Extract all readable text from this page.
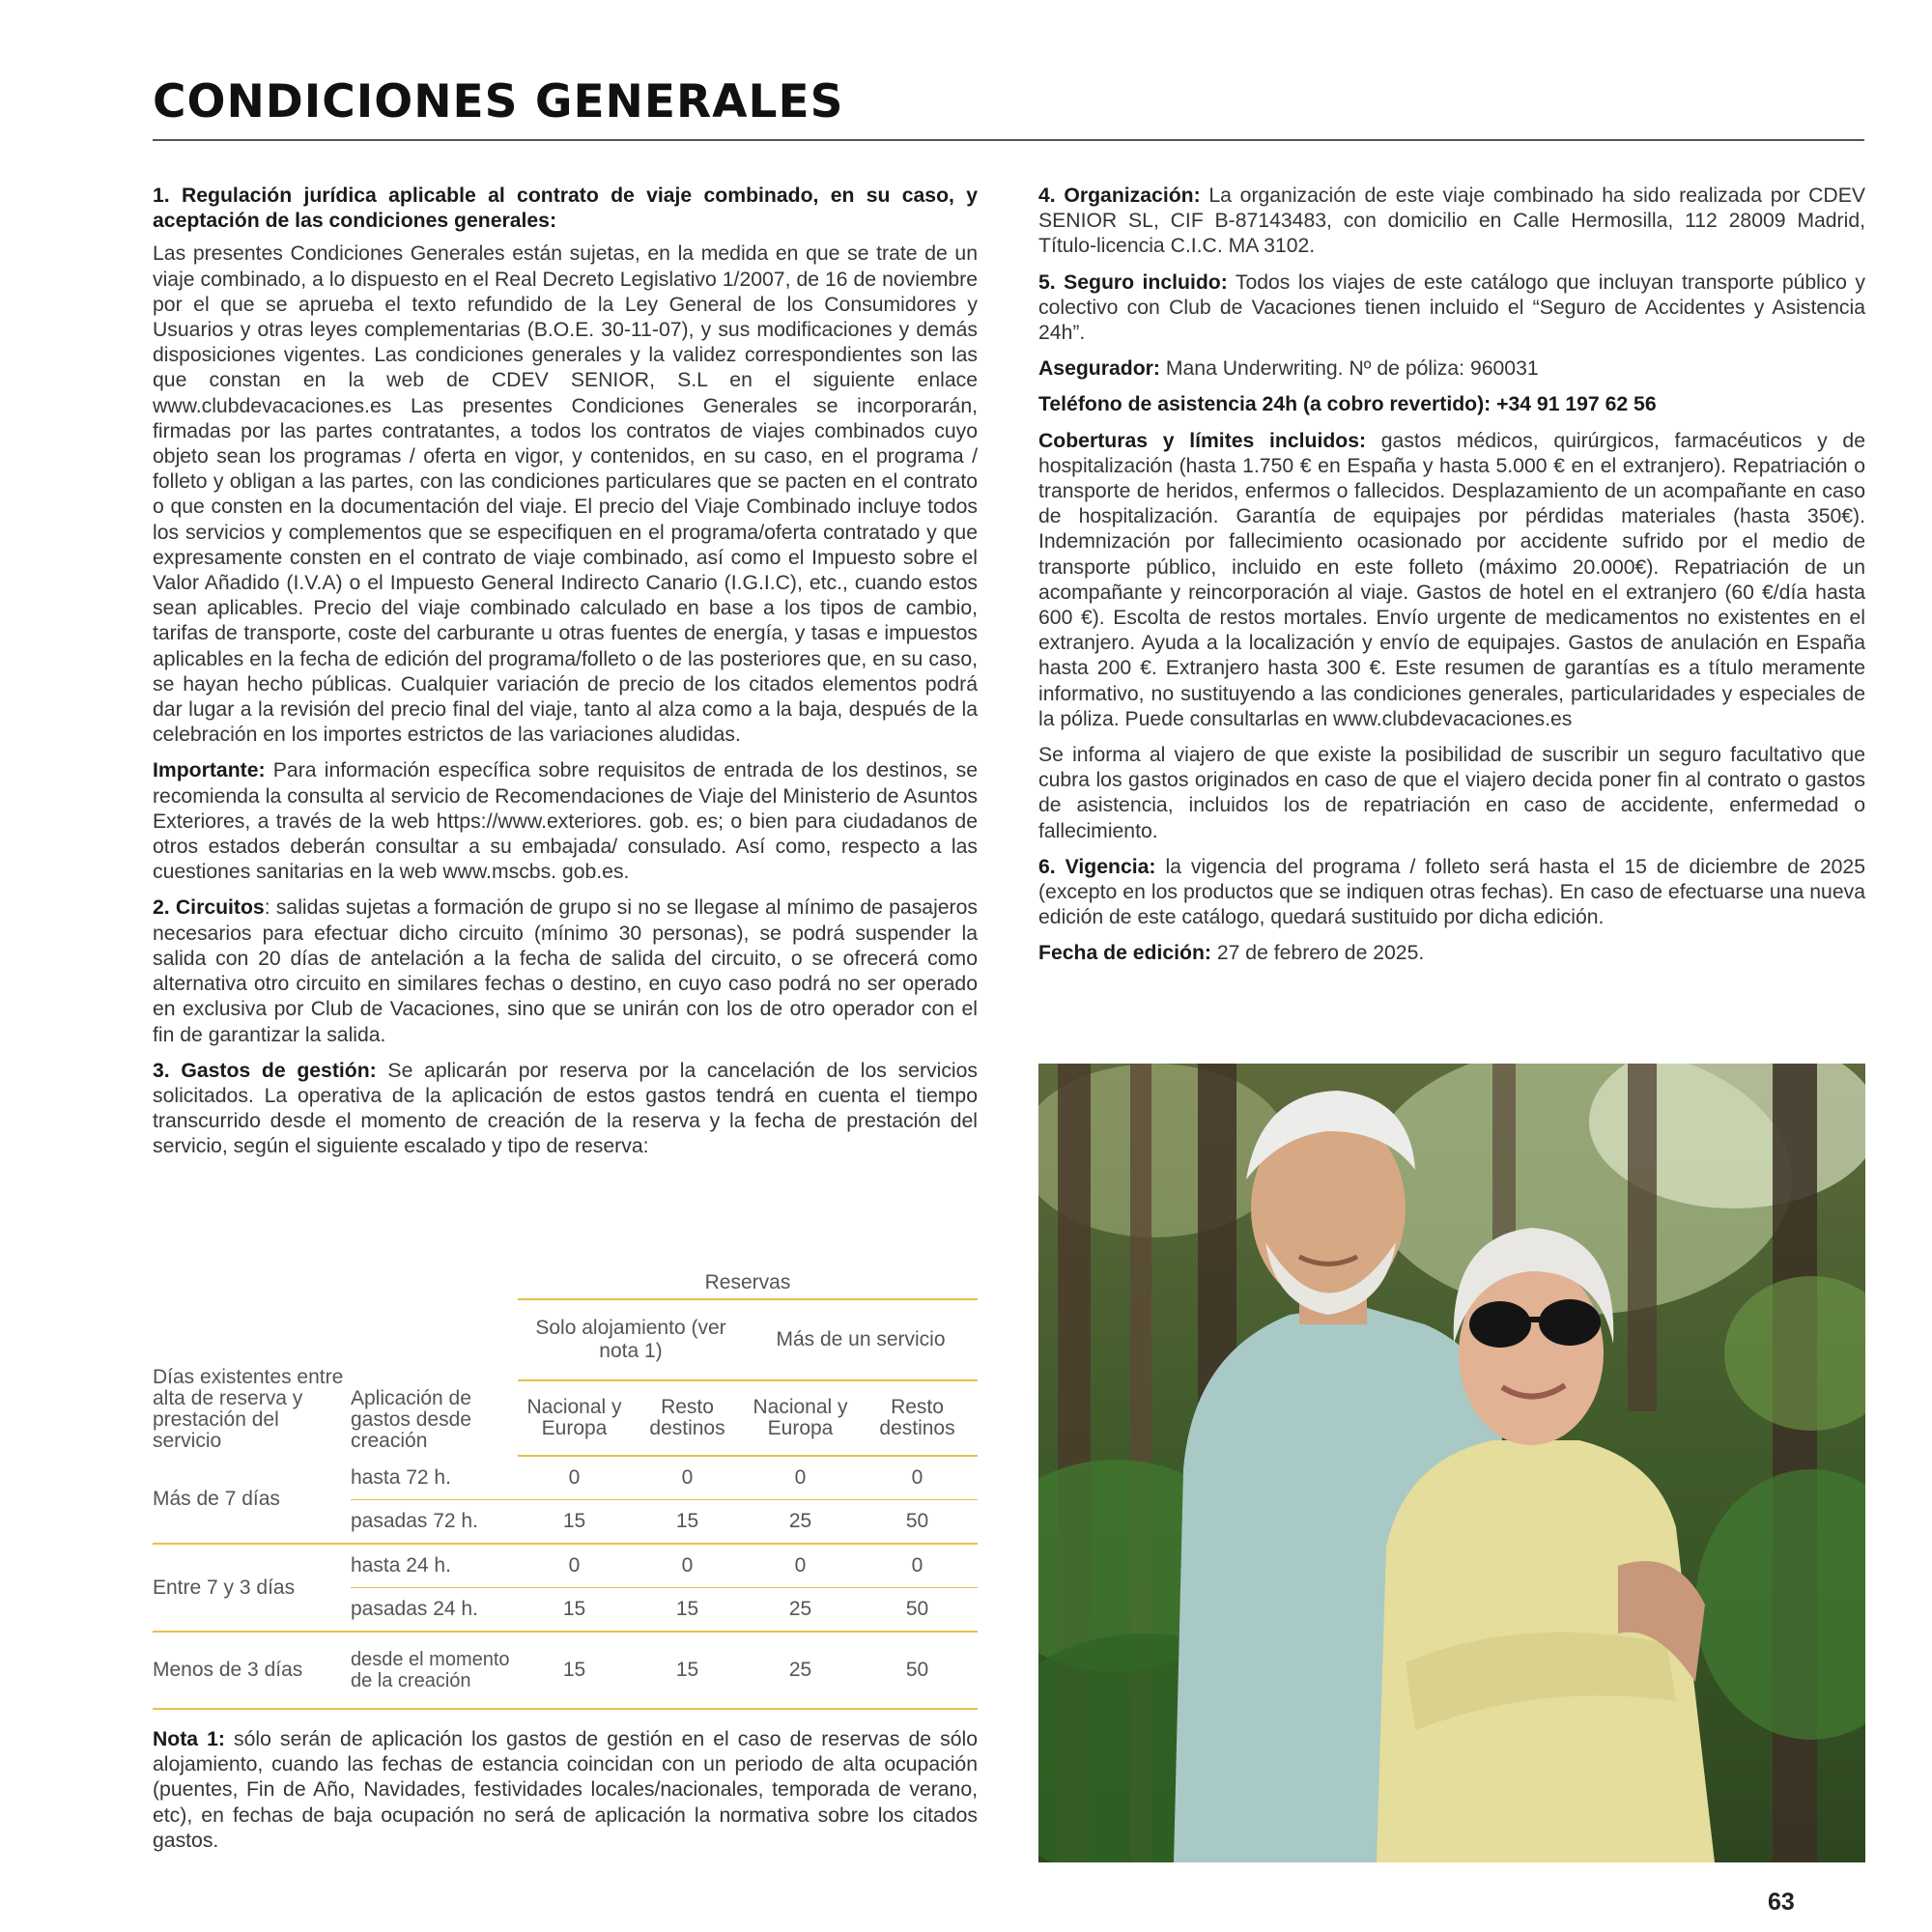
CONDICIONES GENERALES

1. Regulación jurídica aplicable al contrato de viaje combinado, en su caso, y aceptación de las condiciones generales:

Las presentes Condiciones Generales están sujetas, en la medida en que se trate de un viaje combinado, a lo dispuesto en el Real Decreto Legislativo 1/2007, de 16 de noviembre por el que se aprueba el texto refundido de la Ley General de los Consumidores y Usuarios y otras leyes complementarias (B.O.E. 30-11-07), y sus modificaciones y demás disposiciones vigentes. Las condiciones generales y la validez correspondientes son las que constan en la web de CDEV SENIOR, S.L en el siguiente enlace www.clubdevacaciones.es Las presentes Condiciones Generales se incorporarán, firmadas por las partes contratantes, a todos los contratos de viajes combinados cuyo objeto sean los programas / oferta en vigor, y contenidos, en su caso, en el programa / folleto y obligan a las partes, con las condiciones particulares que se pacten en el contrato o que consten en la documentación del viaje. El precio del Viaje Combinado incluye todos los servicios y complementos que se especifiquen en el programa/oferta contratado y que expresamente consten en el contrato de viaje combinado, así como el Impuesto sobre el Valor Añadido (I.V.A) o el Impuesto General Indirecto Canario (I.G.I.C), etc., cuando estos sean aplicables. Precio del viaje combinado calculado en base a los tipos de cambio, tarifas de transporte, coste del carburante u otras fuentes de energía, y tasas e impuestos aplicables en la fecha de edición del programa/folleto o de las posteriores que, en su caso, se hayan hecho públicas. Cualquier variación de precio de los citados elementos podrá dar lugar a la revisión del precio final del viaje, tanto al alza como a la baja, después de la celebración en los importes estrictos de las variaciones aludidas.

Importante: Para información específica sobre requisitos de entrada de los destinos, se recomienda la consulta al servicio de Recomendaciones de Viaje del Ministerio de Asuntos Exteriores, a través de la web https://www.exteriores. gob. es; o bien para ciudadanos de otros estados deberán consultar a su embajada/ consulado. Así como, respecto a las cuestiones sanitarias en la web www.mscbs. gob.es.

2. Circuitos: salidas sujetas a formación de grupo si no se llegase al mínimo de pasajeros necesarios para efectuar dicho circuito (mínimo 30 personas), se podrá suspender la salida con 20 días de antelación a la fecha de salida del circuito, o se ofrecerá como alternativa otro circuito en similares fechas o destino, en cuyo caso podrá no ser operado en exclusiva por Club de Vacaciones, sino que se unirán con los de otro operador con el fin de garantizar la salida.

3. Gastos de gestión: Se aplicarán por reserva por la cancelación de los servicios solicitados. La operativa de la aplicación de estos gastos tendrá en cuenta el tiempo transcurrido desde el momento de creación de la reserva y la fecha de prestación del servicio, según el siguiente escalado y tipo de reserva:

		Reservas			
Días existentes entre alta de reserva y prestación del servicio	Aplicación de gastos desde creación	Solo alojamiento (ver nota 1)		Más de un servicio	
		Nacional y Europa	Resto destinos	Nacional y Europa	Resto destinos
Más de 7 días	hasta 72 h.	0	0	0	0
	pasadas 72 h.	15	15	25	50
Entre 7 y 3 días	hasta 24 h.	0	0	0	0
	pasadas 24 h.	15	15	25	50
Menos de 3 días	desde el momento de la creación	15	15	25	50

Nota 1: sólo serán de aplicación los gastos de gestión en el caso de reservas de sólo alojamiento, cuando las fechas de estancia coincidan con un periodo de alta ocupación (puentes, Fin de Año, Navidades, festividades locales/nacionales, temporada de verano, etc), en fechas de baja ocupación no será de aplicación la normativa sobre los citados gastos.

4. Organización: La organización de este viaje combinado ha sido realizada por CDEV SENIOR SL, CIF B-87143483, con domicilio en Calle Hermosilla, 112 28009 Madrid, Título-licencia C.I.C. MA 3102.

5. Seguro incluido: Todos los viajes de este catálogo que incluyan transporte público y colectivo con Club de Vacaciones tienen incluido el “Seguro de Accidentes y Asistencia 24h”.

Asegurador: Mana Underwriting. Nº de póliza: 960031

Teléfono de asistencia 24h (a cobro revertido): +34 91 197 62 56

Coberturas y límites incluidos: gastos médicos, quirúrgicos, farmacéuticos y de hospitalización (hasta 1.750 € en España y hasta 5.000 € en el extranjero). Repatriación o transporte de heridos, enfermos o fallecidos. Desplazamiento de un acompañante en caso de hospitalización. Garantía de equipajes por pérdidas materiales (hasta 350€). Indemnización por fallecimiento ocasionado por accidente sufrido por el medio de transporte público, incluido en este folleto (máximo 20.000€). Repatriación de un acompañante y reincorporación al viaje. Gastos de hotel en el extranjero (60 €/día hasta 600 €). Escolta de restos mortales. Envío urgente de medicamentos no existentes en el extranjero. Ayuda a la localización y envío de equipajes. Gastos de anulación en España hasta 200 €. Extranjero hasta 300 €. Este resumen de garantías es a título meramente informativo, no sustituyendo a las condiciones generales, particularidades y especiales de la póliza. Puede consultarlas en www.clubdevacaciones.es

Se informa al viajero de que existe la posibilidad de suscribir un seguro facultativo que cubra los gastos originados en caso de que el viajero decida poner fin al contrato o gastos de asistencia, incluidos los de repatriación en caso de accidente, enfermedad o fallecimiento.

6. Vigencia: la vigencia del programa / folleto será hasta el 15 de diciembre de 2025 (excepto en los productos que se indiquen otras fechas). En caso de efectuarse una nueva edición de este catálogo, quedará sustituido por dicha edición.

Fecha de edición: 27 de febrero de 2025.

63
